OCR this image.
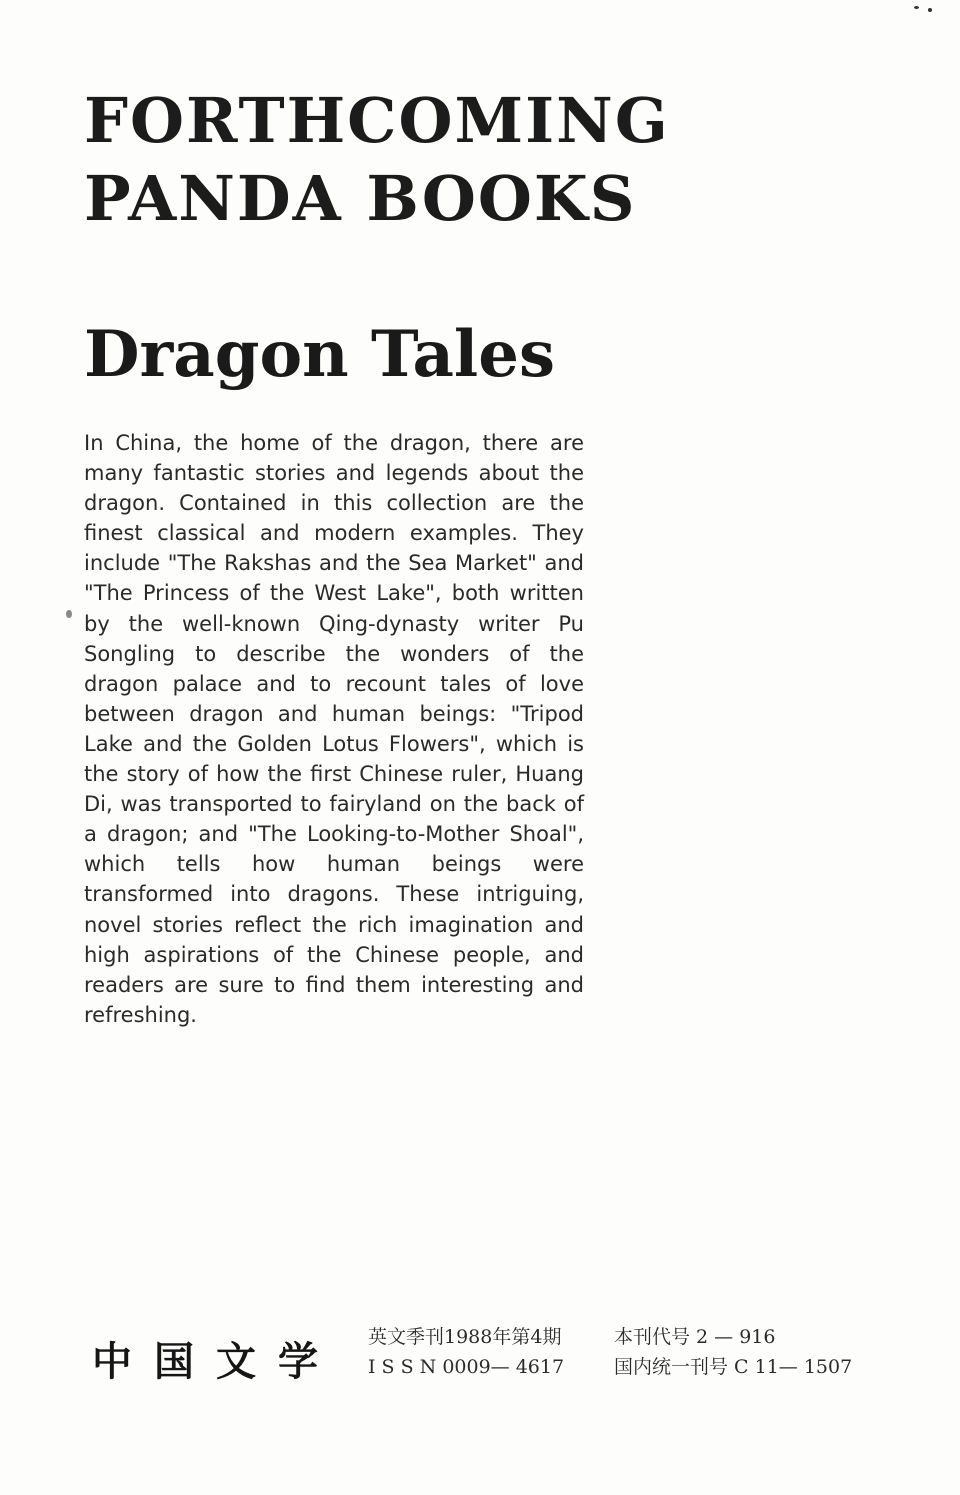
FORTHCOMING
PANDA BOOKS
Dragon Tales

In China, the home of the dragon, there are many fantastic stories and legends about the dragon. Contained in this collection are the finest classical and modern examples. They include "The Rakshas and the Sea Market" and "The Princess of the West Lake", both written by the well-known Qing-dynasty writer Pu Songling to describe the wonders of the dragon palace and to recount tales of love between dragon and human beings: "Tripod Lake and the Golden Lotus Flowers", which is the story of how the first Chinese ruler, Huang Di, was transported to fairyland on the back of a dragon; and "The Looking-to-Mother Shoal", which tells how human beings were transformed into dragons. These intriguing, novel stories reflect the rich imagination and high aspirations of the Chinese people, and readers are sure to find them interesting and refreshing.

中国文学
英文季刊1988年第4期
I S S N 0009— 4617
本刊代号 2 — 916
国内统一刊号 C 11— 1507
